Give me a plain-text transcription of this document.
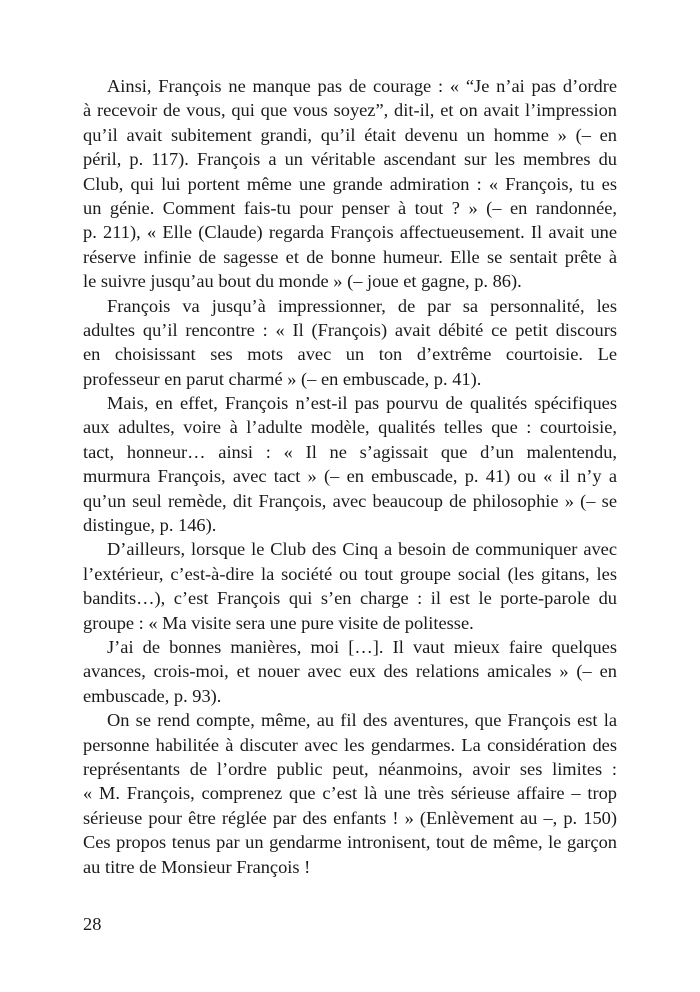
Ainsi, François ne manque pas de courage : « “Je n’ai pas d’ordre
à recevoir de vous, qui que vous soyez”, dit-il, et on avait l’impression
qu’il avait subitement grandi, qu’il était devenu un homme » (– en
péril, p. 117). François a un véritable ascendant sur les membres du
Club, qui lui portent même une grande admiration : « François, tu es
un génie. Comment fais-tu pour penser à tout ? » (– en randonnée,
p. 211), « Elle (Claude) regarda François affectueusement. Il avait une
réserve infinie de sagesse et de bonne humeur. Elle se sentait prête à
le suivre jusqu’au bout du monde » (– joue et gagne, p. 86).
François va jusqu’à impressionner, de par sa personnalité, les
adultes qu’il rencontre : « Il (François) avait débité ce petit discours
en choisissant ses mots avec un ton d’extrême courtoisie. Le
professeur en parut charmé » (– en embuscade, p. 41).
Mais, en effet, François n’est-il pas pourvu de qualités spécifiques
aux adultes, voire à l’adulte modèle, qualités telles que : courtoisie,
tact, honneur… ainsi : « Il ne s’agissait que d’un malentendu,
murmura François, avec tact » (– en embuscade, p. 41) ou « il n’y a
qu’un seul remède, dit François, avec beaucoup de philosophie » (– se
distingue, p. 146).
D’ailleurs, lorsque le Club des Cinq a besoin de communiquer avec
l’extérieur, c’est-à-dire la société ou tout groupe social (les gitans, les
bandits…), c’est François qui s’en charge : il est le porte-parole du
groupe : « Ma visite sera une pure visite de politesse.
J’ai de bonnes manières, moi […]. Il vaut mieux faire quelques
avances, crois-moi, et nouer avec eux des relations amicales » (– en
embuscade, p. 93).
On se rend compte, même, au fil des aventures, que François est la
personne habilitée à discuter avec les gendarmes. La considération des
représentants de l’ordre public peut, néanmoins, avoir ses limites :
« M. François, comprenez que c’est là une très sérieuse affaire – trop
sérieuse pour être réglée par des enfants ! » (Enlèvement au –, p. 150)
Ces propos tenus par un gendarme intronisent, tout de même, le garçon
au titre de Monsieur François !
28
